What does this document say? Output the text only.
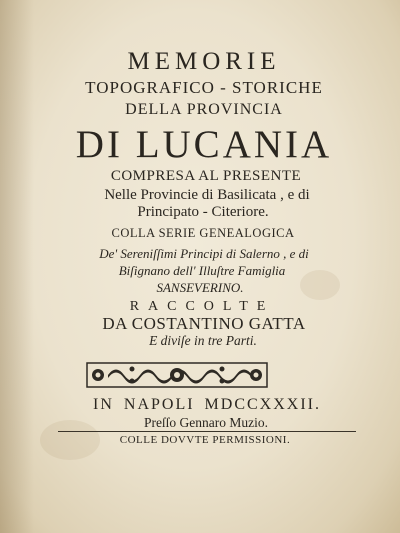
MEMORIE

TOPOGRAFICO - STORICHE

DELLA PROVINCIA

DI LUCANIA

COMPRESA AL PRESENTE

Nelle Provincie di Basilicata , e di

Principato - Citeriore.

COLLA SERIE GENEALOGICA

De' Sereniſſimi Principi di Salerno , e di

Biſignano dell' Illuſtre Famiglia

SANSEVERINO.

RACCOLTE

DA COSTANTINO GATTA

E diviſe in tre Parti.

IN NAPOLI MDCCXXXII.

Preſſo Gennaro Muzio.

COLLE DOVVTE PERMISSIONI.
